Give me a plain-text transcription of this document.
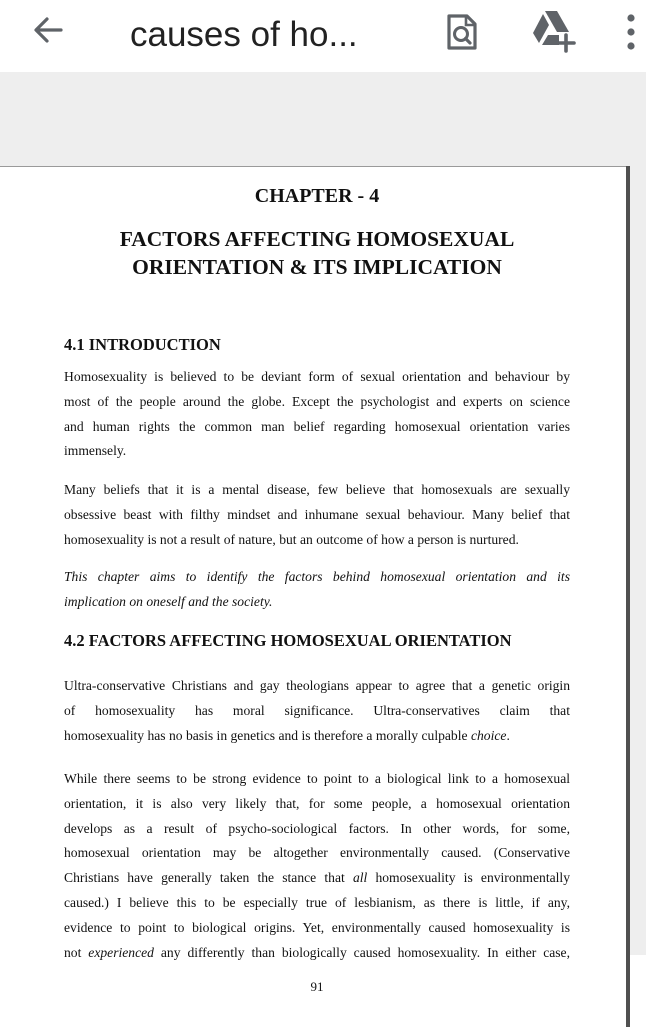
causes of ho...
CHAPTER - 4
FACTORS AFFECTING HOMOSEXUAL
ORIENTATION & ITS IMPLICATION
4.1 INTRODUCTION
Homosexuality is believed to be deviant form of sexual orientation and behaviour by
most of the people around the globe. Except the psychologist and experts on science
and human rights the common man belief regarding homosexual orientation varies
immensely.
Many beliefs that it is a mental disease, few believe that homosexuals are sexually
obsessive beast with filthy mindset and inhumane sexual behaviour. Many belief that
homosexuality is not a result of nature, but an outcome of how a person is nurtured.
This chapter aims to identify the factors behind homosexual orientation and its
implication on oneself and the society.
4.2 FACTORS AFFECTING HOMOSEXUAL ORIENTATION
Ultra-conservative Christians and gay theologians appear to agree that a genetic origin
of homosexuality has moral significance. Ultra-conservatives claim that
homosexuality has no basis in genetics and is therefore a morally culpable choice.
While there seems to be strong evidence to point to a biological link to a homosexual
orientation, it is also very likely that, for some people, a homosexual orientation
develops as a result of psycho-sociological factors. In other words, for some,
homosexual orientation may be altogether environmentally caused. (Conservative
Christians have generally taken the stance that all homosexuality is environmentally
caused.) I believe this to be especially true of lesbianism, as there is little, if any,
evidence to point to biological origins. Yet, environmentally caused homosexuality is
not experienced any differently than biologically caused homosexuality. In either case,
91
